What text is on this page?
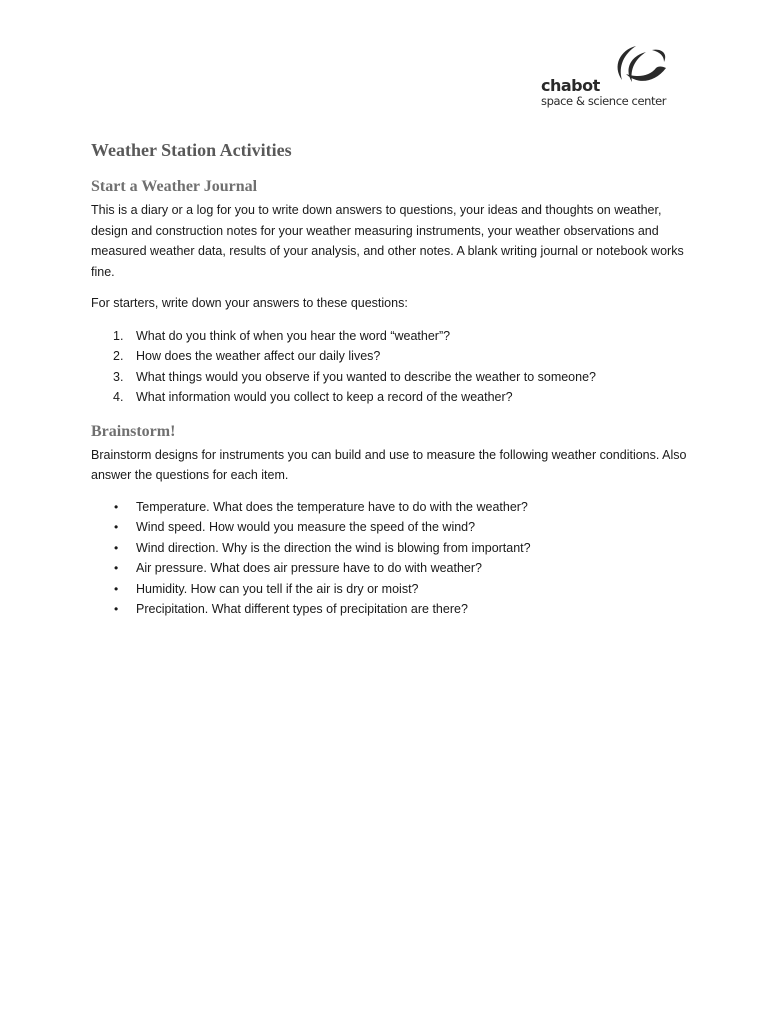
chabot
space & science center
Weather Station Activities
Start a Weather Journal

This is a diary or a log for you to write down answers to questions, your ideas and thoughts on weather, design and construction notes for your weather measuring instruments, your weather observations and measured weather data, results of your analysis, and other notes. A blank writing journal or notebook works fine.

For starters, write down your answers to these questions:

1. What do you think of when you hear the word “weather”?
2. How does the weather affect our daily lives?
3. What things would you observe if you wanted to describe the weather to someone?
4. What information would you collect to keep a record of the weather?
Brainstorm!

Brainstorm designs for instruments you can build and use to measure the following weather conditions. Also answer the questions for each item.

• Temperature. What does the temperature have to do with the weather?
• Wind speed. How would you measure the speed of the wind?
• Wind direction. Why is the direction the wind is blowing from important?
• Air pressure. What does air pressure have to do with weather?
• Humidity. How can you tell if the air is dry or moist?
• Precipitation. What different types of precipitation are there?
